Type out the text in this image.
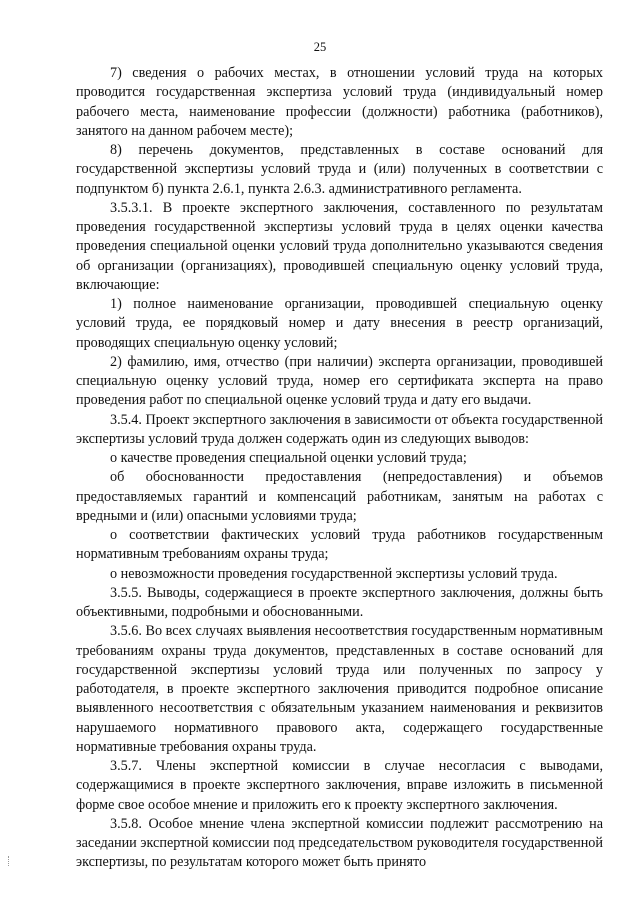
25

7) сведения о рабочих местах, в отношении условий труда на которых проводится государственная экспертиза условий труда (индивидуальный номер рабочего места, наименование профессии (должности) работника (работников), занятого на данном рабочем месте);

8) перечень документов, представленных в составе оснований для государственной экспертизы условий труда и (или) полученных в соответствии с подпунктом б) пункта 2.6.1, пункта 2.6.3. административного регламента.

3.5.3.1. В проекте экспертного заключения, составленного по результатам проведения государственной экспертизы условий труда в целях оценки качества проведения специальной оценки условий труда дополнительно указываются сведения об организации (организациях), проводившей специальную оценку условий труда, включающие:

1) полное наименование организации, проводившей специальную оценку условий труда, ее порядковый номер и дату внесения в реестр организаций, проводящих специальную оценку условий;

2) фамилию, имя, отчество (при наличии) эксперта организации, проводившей специальную оценку условий труда, номер его сертификата эксперта на право проведения работ по специальной оценке условий труда и дату его выдачи.

3.5.4. Проект экспертного заключения в зависимости от объекта государственной экспертизы условий труда должен содержать один из следующих выводов:

о качестве проведения специальной оценки условий труда;

об обоснованности предоставления (непредоставления) и объемов предоставляемых гарантий и компенсаций работникам, занятым на работах с вредными и (или) опасными условиями труда;

о соответствии фактических условий труда работников государственным нормативным требованиям охраны труда;

о невозможности проведения государственной экспертизы условий труда.

3.5.5. Выводы, содержащиеся в проекте экспертного заключения, должны быть объективными, подробными и обоснованными.

3.5.6. Во всех случаях выявления несоответствия государственным нормативным требованиям охраны труда документов, представленных в составе оснований для государственной экспертизы условий труда или полученных по запросу у работодателя, в проекте экспертного заключения приводится подробное описание выявленного несоответствия с обязательным указанием наименования и реквизитов нарушаемого нормативного правового акта, содержащего государственные нормативные требования охраны труда.

3.5.7. Члены экспертной комиссии в случае несогласия с выводами, содержащимися в проекте экспертного заключения, вправе изложить в письменной форме свое особое мнение и приложить его к проекту экспертного заключения.

3.5.8. Особое мнение члена экспертной комиссии подлежит рассмотрению на заседании экспертной комиссии под председательством руководителя государственной экспертизы, по результатам которого может быть принято
